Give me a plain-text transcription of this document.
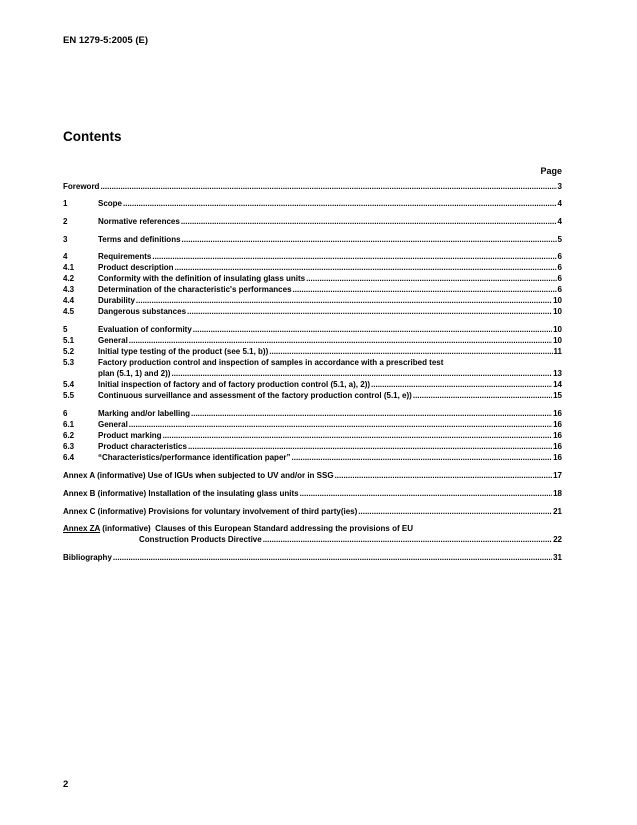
EN 1279-5:2005 (E)
Contents
Page
Foreword .....	3
1	Scope .....	4
2	Normative references .....	4
3	Terms and definitions .....	5
4	Requirements .....	6
4.1	Product description .....	6
4.2	Conformity with the definition of insulating glass units .....	6
4.3	Determination of the characteristic's performances .....	6
4.4	Durability .....	10
4.5	Dangerous substances .....	10
5	Evaluation of conformity .....	10
5.1	General .....	10
5.2	Initial type testing of the product (see 5.1, b)) .....	11
5.3	Factory production control and inspection of samples in accordance with a prescribed test
plan (5.1, 1) and 2)) .....	13
5.4	Initial inspection of factory and of factory production control (5.1, a), 2)) .....	14
5.5	Continuous surveillance and assessment of the factory production control (5.1, e)) .....	15
6	Marking and/or labelling .....	16
6.1	General .....	16
6.2	Product marking .....	16
6.3	Product characteristics .....	16
6.4	“Characteristics/performance identification paper” .....	16
Annex A (informative) Use of IGUs when subjected to UV and/or in SSG .....	17
Annex B (informative) Installation of the insulating glass units .....	18
Annex C (informative) Provisions for voluntary involvement of third party(ies) .....	21
Annex ZA (informative)  Clauses of this European Standard addressing the provisions of EU
Construction Products Directive .....	22
Bibliography .....	31
2
